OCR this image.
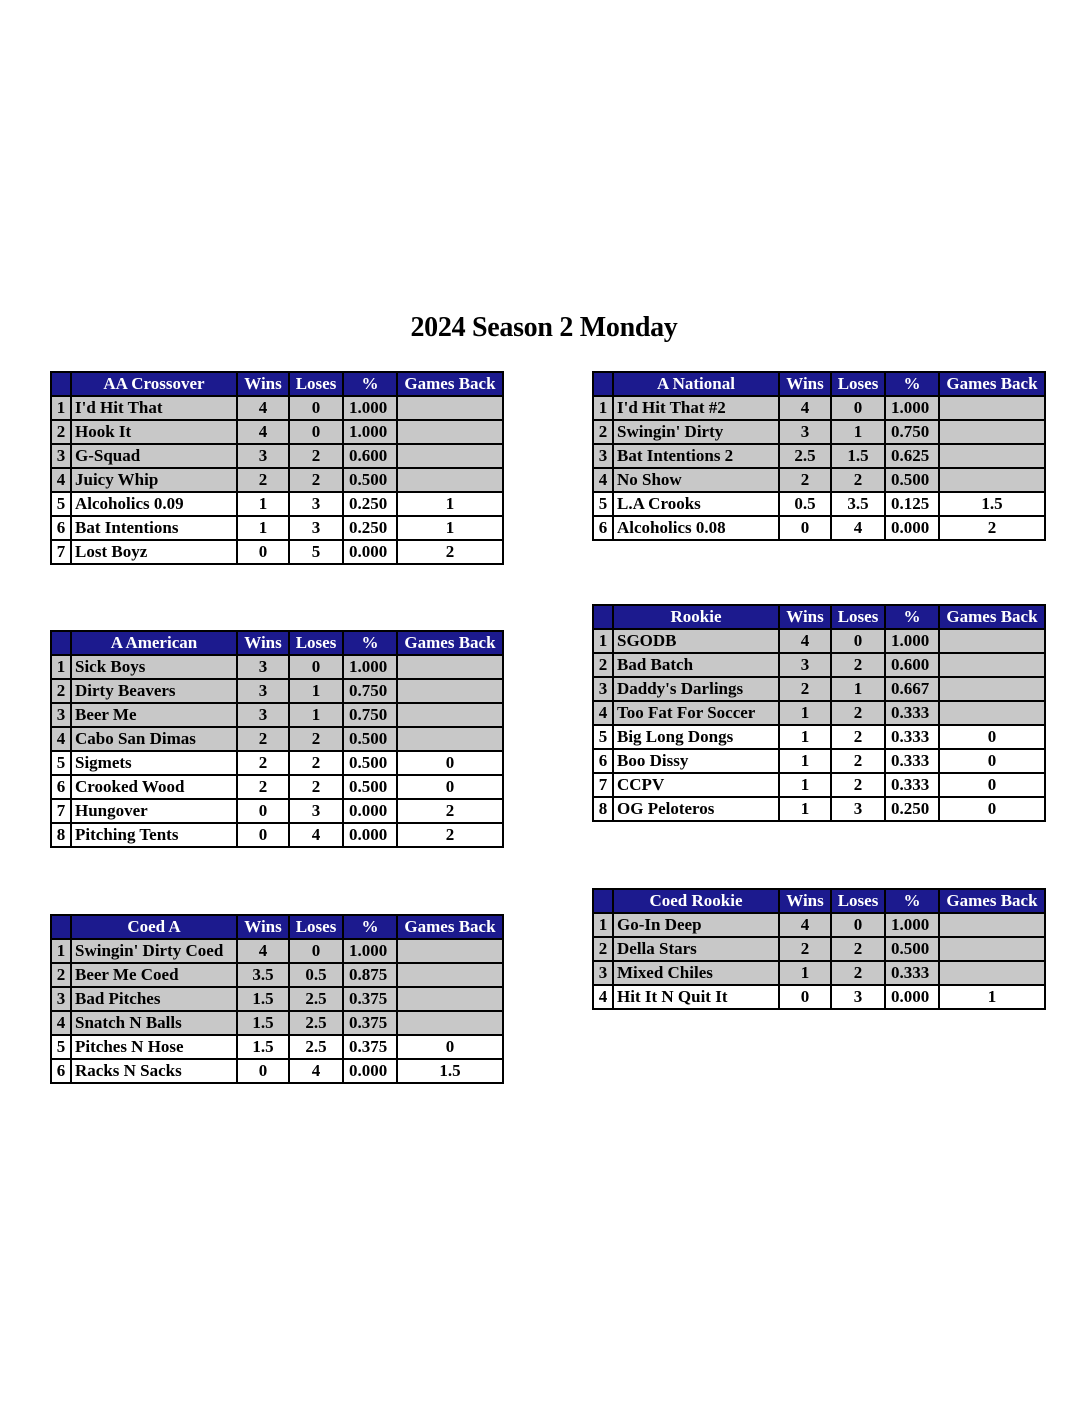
2024 Season 2 Monday
	AA Crossover	Wins	Loses	%	Games Back
1	I'd Hit That	4	0	1.000	
2	Hook It	4	0	1.000	
3	G-Squad	3	2	0.600	
4	Juicy Whip	2	2	0.500	
5	Alcoholics 0.09	1	3	0.250	1
6	Bat Intentions	1	3	0.250	1
7	Lost Boyz	0	5	0.000	2
	A National	Wins	Loses	%	Games Back
1	I'd Hit That #2	4	0	1.000	
2	Swingin' Dirty	3	1	0.750	
3	Bat Intentions 2	2.5	1.5	0.625	
4	No Show	2	2	0.500	
5	L.A Crooks	0.5	3.5	0.125	1.5
6	Alcoholics 0.08	0	4	0.000	2
	A American	Wins	Loses	%	Games Back
1	Sick Boys	3	0	1.000	
2	Dirty Beavers	3	1	0.750	
3	Beer Me	3	1	0.750	
4	Cabo San Dimas	2	2	0.500	
5	Sigmets	2	2	0.500	0
6	Crooked Wood	2	2	0.500	0
7	Hungover	0	3	0.000	2
8	Pitching Tents	0	4	0.000	2
	Rookie	Wins	Loses	%	Games Back
1	SGODB	4	0	1.000	
2	Bad Batch	3	2	0.600	
3	Daddy's Darlings	2	1	0.667	
4	Too Fat For Soccer	1	2	0.333	
5	Big Long Dongs	1	2	0.333	0
6	Boo Dissy	1	2	0.333	0
7	CCPV	1	2	0.333	0
8	OG Peloteros	1	3	0.250	0
	Coed A	Wins	Loses	%	Games Back
1	Swingin' Dirty Coed	4	0	1.000	
2	Beer Me Coed	3.5	0.5	0.875	
3	Bad Pitches	1.5	2.5	0.375	
4	Snatch N Balls	1.5	2.5	0.375	
5	Pitches N Hose	1.5	2.5	0.375	0
6	Racks N Sacks	0	4	0.000	1.5
	Coed Rookie	Wins	Loses	%	Games Back
1	Go-In Deep	4	0	1.000	
2	Della Stars	2	2	0.500	
3	Mixed Chiles	1	2	0.333	
4	Hit It N Quit It	0	3	0.000	1
